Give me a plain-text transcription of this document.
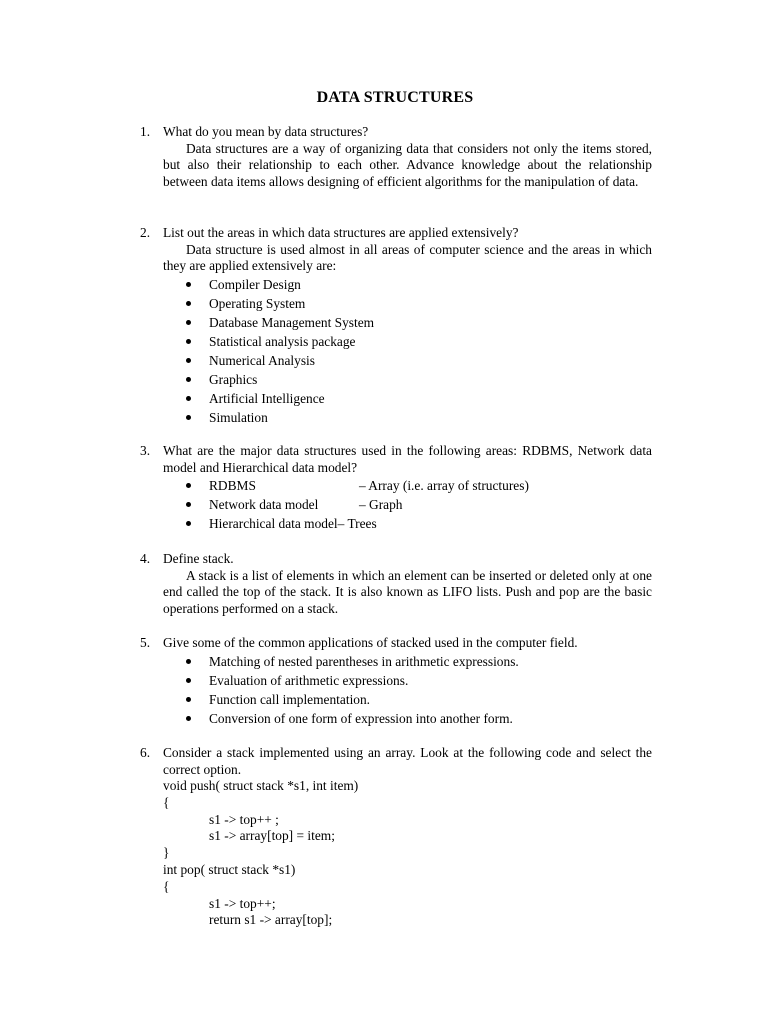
DATA STRUCTURES
1. What do you mean by data structures?
Data structures are a way of organizing data that considers not only the items stored, but also their relationship to each other. Advance knowledge about the relationship between data items allows designing of efficient algorithms for the manipulation of data.
2. List out the areas in which data structures are applied extensively?
Data structure is used almost in all areas of computer science and the areas in which they are applied extensively are:
Compiler Design
Operating System
Database Management System
Statistical analysis package
Numerical Analysis
Graphics
Artificial Intelligence
Simulation
3. What are the major data structures used in the following areas: RDBMS, Network data model and Hierarchical data model?
RDBMS	– Array (i.e. array of structures)
Network data model	– Graph
Hierarchical data model– Trees
4. Define stack.
A stack is a list of elements in which an element can be inserted or deleted only at one end called the top of the stack. It is also known as LIFO lists. Push and pop are the basic operations performed on a stack.
5. Give some of the common applications of stacked used in the computer field.
Matching of nested parentheses in arithmetic expressions.
Evaluation of arithmetic expressions.
Function call implementation.
Conversion of one form of expression into another form.
6. Consider a stack implemented using an array. Look at the following code and select the correct option.
void push( struct stack *s1, int item)
{
s1 -> top++ ;
s1 -> array[top] = item;
}
int pop( struct stack *s1)
{
s1 -> top++;
return s1 -> array[top];
